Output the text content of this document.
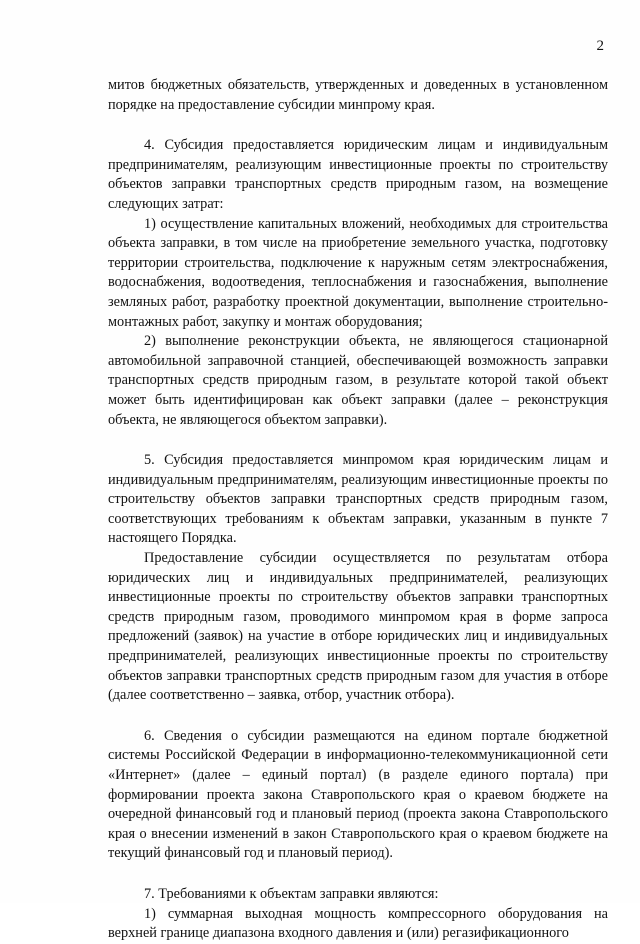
2

митов бюджетных обязательств, утвержденных и доведенных в установленном порядке на предоставление субсидии минпрому края.

4. Субсидия предоставляется юридическим лицам и индивидуальным предпринимателям, реализующим инвестиционные проекты по строительству объектов заправки транспортных средств природным газом, на возмещение следующих затрат:

1) осуществление капитальных вложений, необходимых для строительства объекта заправки, в том числе на приобретение земельного участка, подготовку территории строительства, подключение к наружным сетям электроснабжения, водоснабжения, водоотведения, теплоснабжения и газоснабжения, выполнение земляных работ, разработку проектной документации, выполнение строительно-монтажных работ, закупку и монтаж оборудования;

2) выполнение реконструкции объекта, не являющегося стационарной автомобильной заправочной станцией, обеспечивающей возможность заправки транспортных средств природным газом, в результате которой такой объект может быть идентифицирован как объект заправки (далее – реконструкция объекта, не являющегося объектом заправки).

5. Субсидия предоставляется минпромом края юридическим лицам и индивидуальным предпринимателям, реализующим инвестиционные проекты по строительству объектов заправки транспортных средств природным газом, соответствующих требованиям к объектам заправки, указанным в пункте 7 настоящего Порядка.

Предоставление субсидии осуществляется по результатам отбора юридических лиц и индивидуальных предпринимателей, реализующих инвестиционные проекты по строительству объектов заправки транспортных средств природным газом, проводимого минпромом края в форме запроса предложений (заявок) на участие в отборе юридических лиц и индивидуальных предпринимателей, реализующих инвестиционные проекты по строительству объектов заправки транспортных средств природным газом для участия в отборе (далее соответственно – заявка, отбор, участник отбора).

6. Сведения о субсидии размещаются на едином портале бюджетной системы Российской Федерации в информационно-телекоммуникационной сети «Интернет» (далее – единый портал) (в разделе единого портала) при формировании проекта закона Ставропольского края о краевом бюджете на очередной финансовый год и плановый период (проекта закона Ставропольского края о внесении изменений в закон Ставропольского края о краевом бюджете на текущий финансовый год и плановый период).

7. Требованиями к объектам заправки являются:

1) суммарная выходная мощность компрессорного оборудования на верхней границе диапазона входного давления и (или) регазификационного
